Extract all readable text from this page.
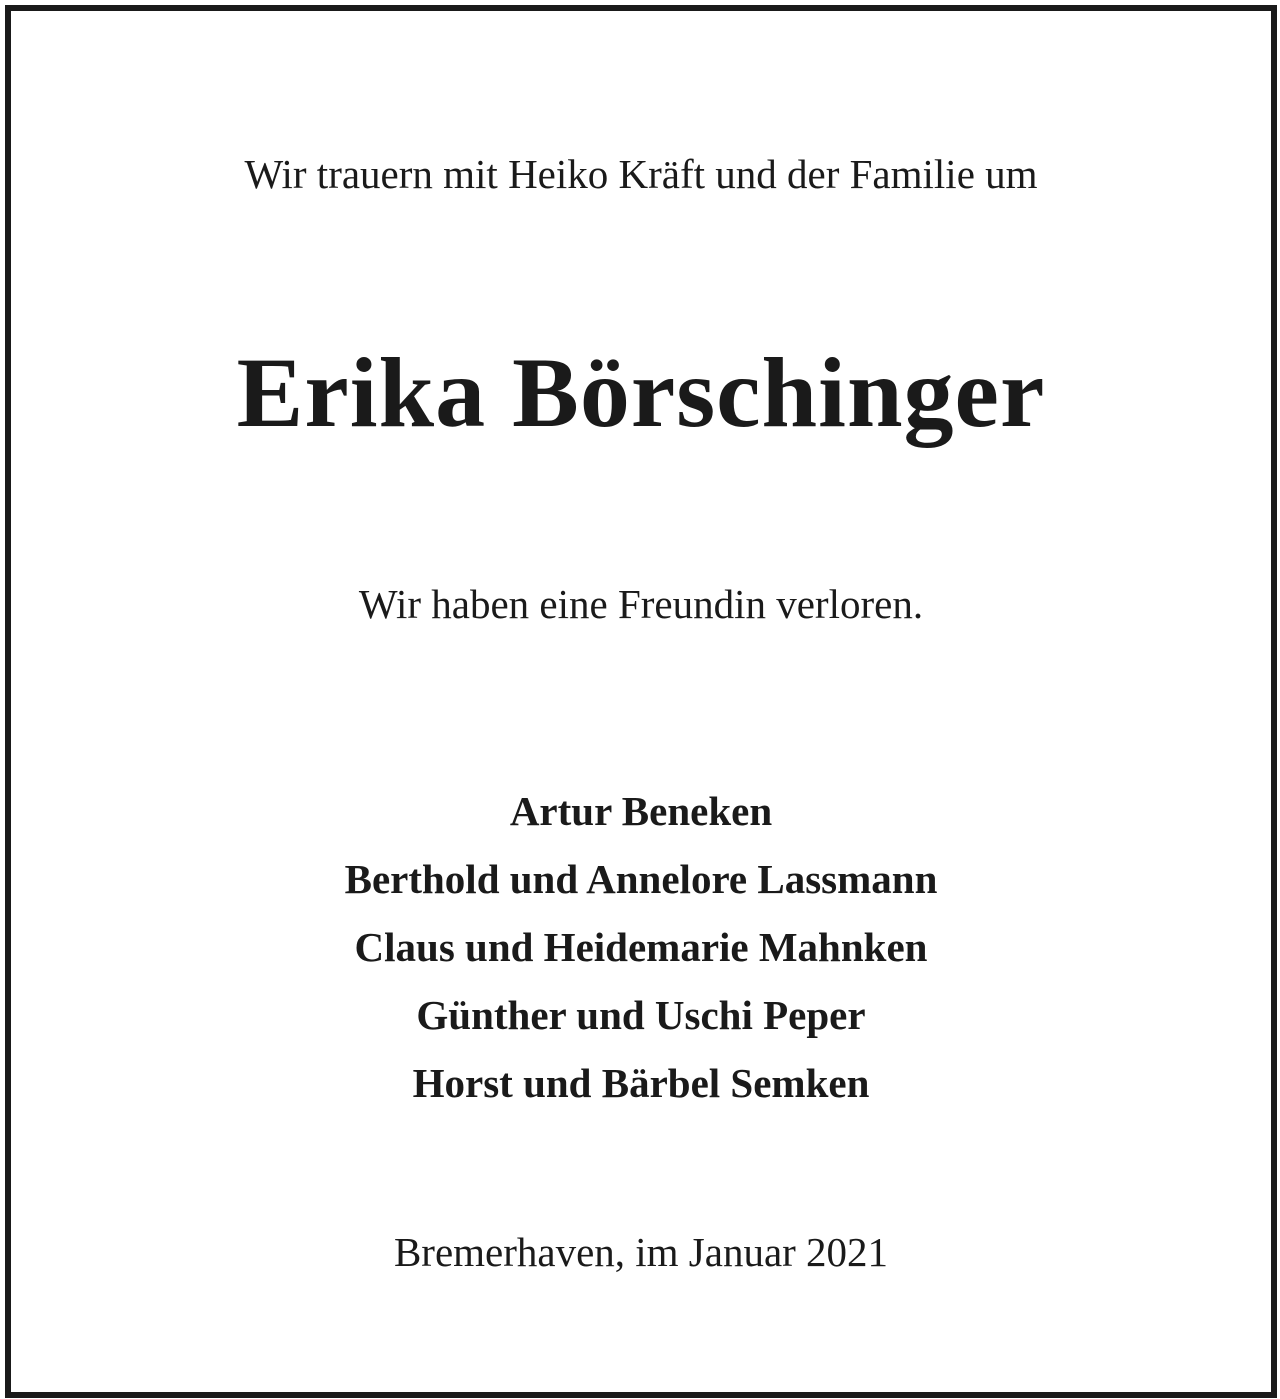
Wir trauern mit Heiko Kräft und der Familie um
Erika Börschinger
Wir haben eine Freundin verloren.
Artur Beneken
Berthold und Annelore Lassmann
Claus und Heidemarie Mahnken
Günther und Uschi Peper
Horst und Bärbel Semken
Bremerhaven, im Januar 2021
